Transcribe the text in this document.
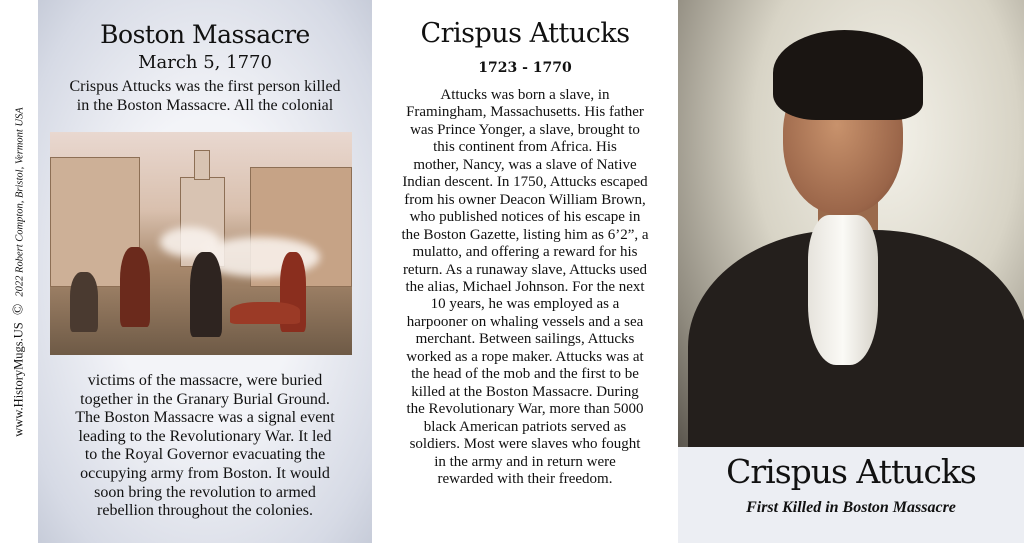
www.HistoryMugs.US © 2022 Robert Compton, Bristol, Vermont USA
Boston Massacre
March 5, 1770
Crispus Attucks was the first person killed
in the Boston Massacre. All the colonial
victims of the massacre, were buried
together in the Granary Burial Ground.
The Boston Massacre was a signal event
leading to the Revolutionary War. It led
to the Royal Governor evacuating the
occupying army from Boston. It would
soon bring the revolution to armed
rebellion throughout the colonies.
Crispus Attucks
1723 - 1770
Attucks was born a slave, in
Framingham, Massachusetts. His father
was Prince Yonger, a slave, brought to
this continent from Africa. His
mother, Nancy, was a slave of Native
Indian descent. In 1750, Attucks escaped
from his owner Deacon William Brown,
who published notices of his escape in
the Boston Gazette, listing him as 6’2”, a
mulatto, and offering a reward for his
return. As a runaway slave, Attucks used
the alias, Michael Johnson. For the next
10 years, he was employed as a
harpooner on whaling vessels and a sea
merchant. Between sailings, Attucks
worked as a rope maker. Attucks was at
the head of the mob and the first to be
killed at the Boston Massacre. During
the Revolutionary War, more than 5000
black American patriots served as
soldiers. Most were slaves who fought
in the army and in return were
rewarded with their freedom.	Crispus Attucks
First Killed in Boston Massacre
